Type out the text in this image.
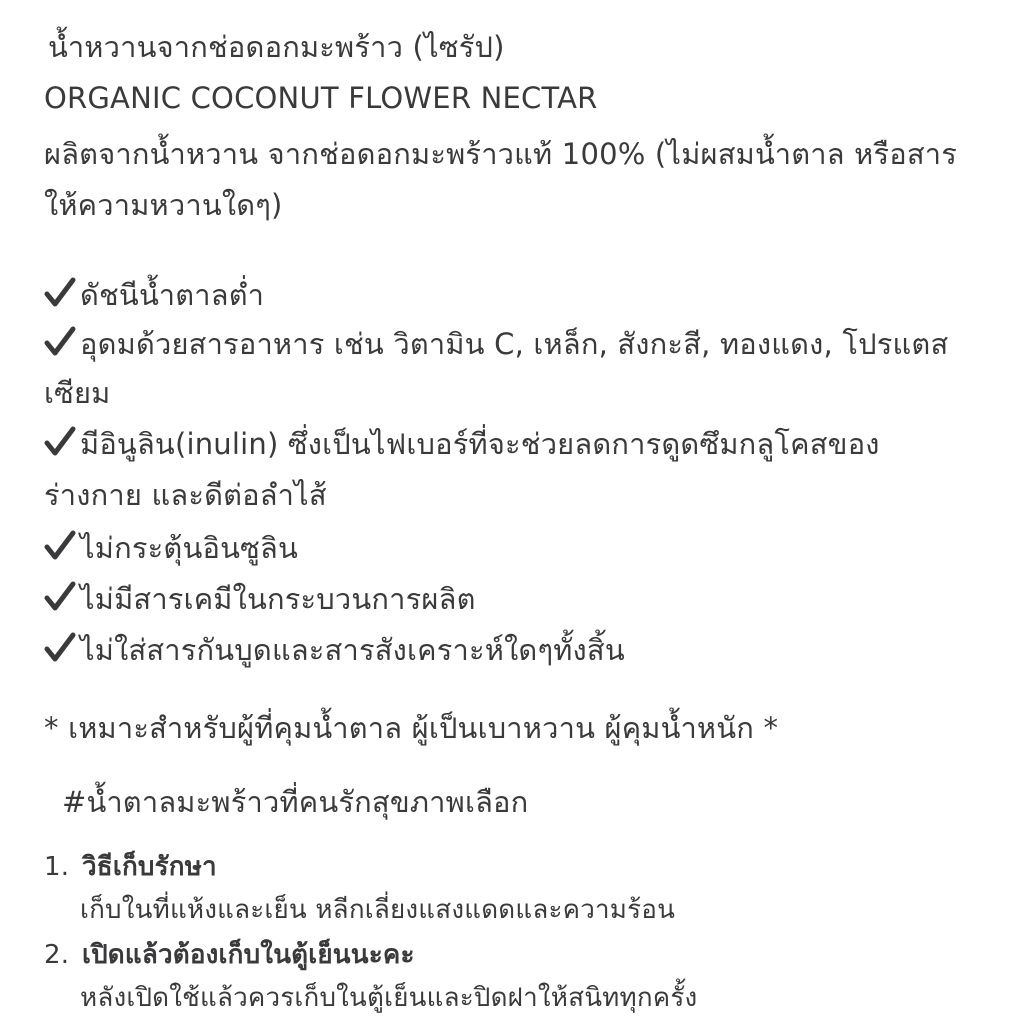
น้ำหวานจากช่อดอกมะพร้าว (ไซรัป)
ORGANIC COCONUT FLOWER NECTAR
ผลิตจากน้ำหวาน จากช่อดอกมะพร้าวแท้ 100% (ไม่ผสมน้ำตาล หรือสาร
ให้ความหวานใดๆ)
ดัชนีน้ำตาลต่ำ
อุดมด้วยสารอาหาร เช่น วิตามิน C, เหล็ก, สังกะสี, ทองแดง, โปรแตส
เซียม
มีอินูลิน(inulin) ซึ่งเป็นไฟเบอร์ที่จะช่วยลดการดูดซึมกลูโคสของ
ร่างกาย และดีต่อลำไส้
ไม่กระตุ้นอินซูลิน
ไม่มีสารเคมีในกระบวนการผลิต
ไม่ใส่สารกันบูดและสารสังเคราะห์ใดๆทั้งสิ้น
* เหมาะสำหรับผู้ที่คุมน้ำตาล ผู้เป็นเบาหวาน ผู้คุมน้ำหนัก *
#น้ำตาลมะพร้าวที่คนรักสุขภาพเลือก
1. วิธีเก็บรักษา
เก็บในที่แห้งและเย็น หลีกเลี่ยงแสงแดดและความร้อน
2. เปิดแล้วต้องเก็บในตู้เย็นนะคะ
หลังเปิดใช้แล้วควรเก็บในตู้เย็นและปิดฝาให้สนิททุกครั้ง
